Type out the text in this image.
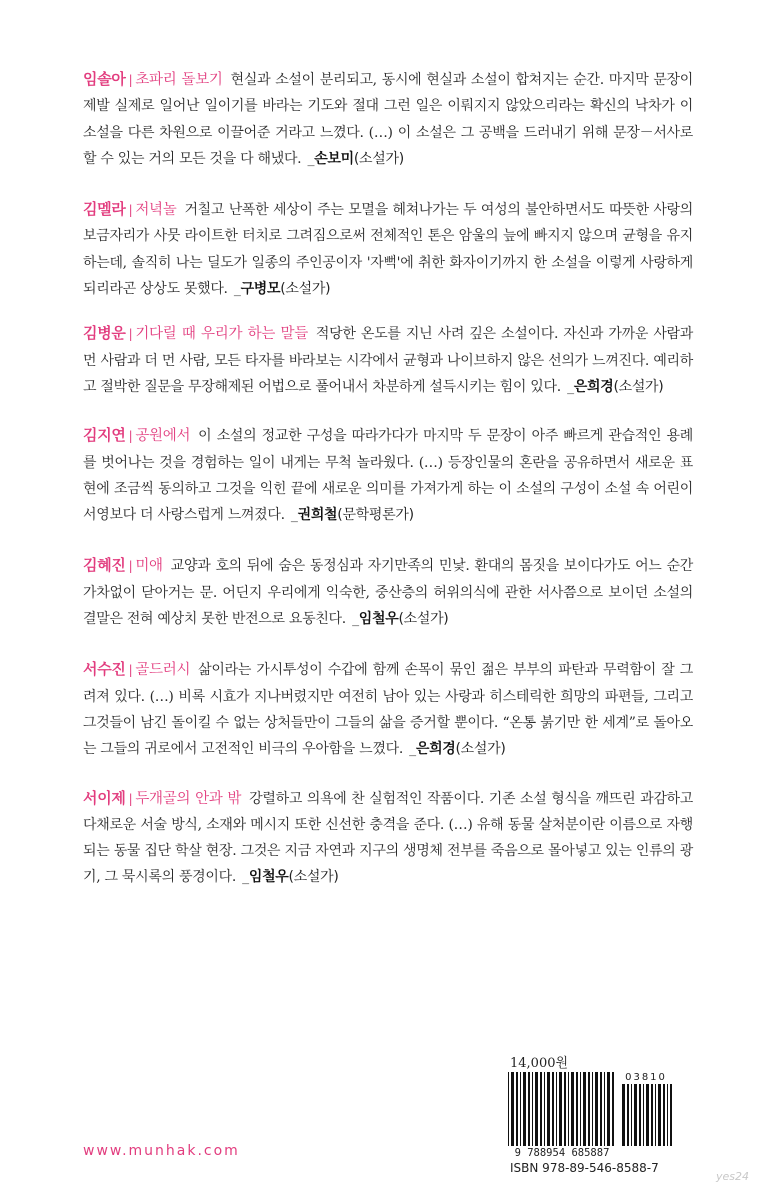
임솔아 | 초파리 돌보기 현실과 소설이 분리되고, 동시에 현실과 소설이 합쳐지는 순간. 마지막 문장이 제발 실제로 일어난 일이기를 바라는 기도와 절대 그런 일은 이뤄지지 않았으리라는 확신의 낙차가 이 소설을 다른 차원으로 이끌어준 거라고 느꼈다. (…) 이 소설은 그 공백을 드러내기 위해 문장－서사로 할 수 있는 거의 모든 것을 다 해냈다. _손보미(소설가)

김멜라 | 저녁놀 거칠고 난폭한 세상이 주는 모멸을 헤쳐나가는 두 여성의 불안하면서도 따뜻한 사랑의 보금자리가 사뭇 라이트한 터치로 그려짐으로써 전체적인 톤은 암울의 늪에 빠지지 않으며 균형을 유지하는데, 솔직히 나는 딜도가 일종의 주인공이자 '자뻑'에 취한 화자이기까지 한 소설을 이렇게 사랑하게 되리라곤 상상도 못했다. _구병모(소설가)

김병운 | 기다릴 때 우리가 하는 말들 적당한 온도를 지닌 사려 깊은 소설이다. 자신과 가까운 사람과 먼 사람과 더 먼 사람, 모든 타자를 바라보는 시각에서 균형과 나이브하지 않은 선의가 느껴진다. 예리하고 절박한 질문을 무장해제된 어법으로 풀어내서 차분하게 설득시키는 힘이 있다. _은희경(소설가)

김지연 | 공원에서 이 소설의 정교한 구성을 따라가다가 마지막 두 문장이 아주 빠르게 관습적인 용례를 벗어나는 것을 경험하는 일이 내게는 무척 놀라웠다. (…) 등장인물의 혼란을 공유하면서 새로운 표현에 조금씩 동의하고 그것을 익힌 끝에 새로운 의미를 가져가게 하는 이 소설의 구성이 소설 속 어린이 서영보다 더 사랑스럽게 느껴졌다. _권희철(문학평론가)

김혜진 | 미애 교양과 호의 뒤에 숨은 동정심과 자기만족의 민낯. 환대의 몸짓을 보이다가도 어느 순간 가차없이 닫아거는 문. 어딘지 우리에게 익숙한, 중산층의 허위의식에 관한 서사쯤으로 보이던 소설의 결말은 전혀 예상치 못한 반전으로 요동친다. _임철우(소설가)

서수진 | 골드러시 삶이라는 가시투성이 수갑에 함께 손목이 묶인 젊은 부부의 파탄과 무력함이 잘 그려져 있다. (…) 비록 시효가 지나버렸지만 여전히 남아 있는 사랑과 히스테릭한 희망의 파편들, 그리고 그것들이 남긴 돌이킬 수 없는 상처들만이 그들의 삶을 증거할 뿐이다. “온통 붉기만 한 세계”로 돌아오는 그들의 귀로에서 고전적인 비극의 우아함을 느꼈다. _은희경(소설가)

서이제 | 두개골의 안과 밖 강렬하고 의욕에 찬 실험적인 작품이다. 기존 소설 형식을 깨뜨린 과감하고 다채로운 서술 방식, 소재와 메시지 또한 신선한 충격을 준다. (…) 유해 동물 살처분이란 이름으로 자행되는 동물 집단 학살 현장. 그것은 지금 자연과 지구의 생명체 전부를 죽음으로 몰아넣고 있는 인류의 광기, 그 묵시록의 풍경이다. _임철우(소설가)

www.munhak.com
14,000원
03810
9 788954 685887
ISBN 978-89-546-8588-7
yes24
